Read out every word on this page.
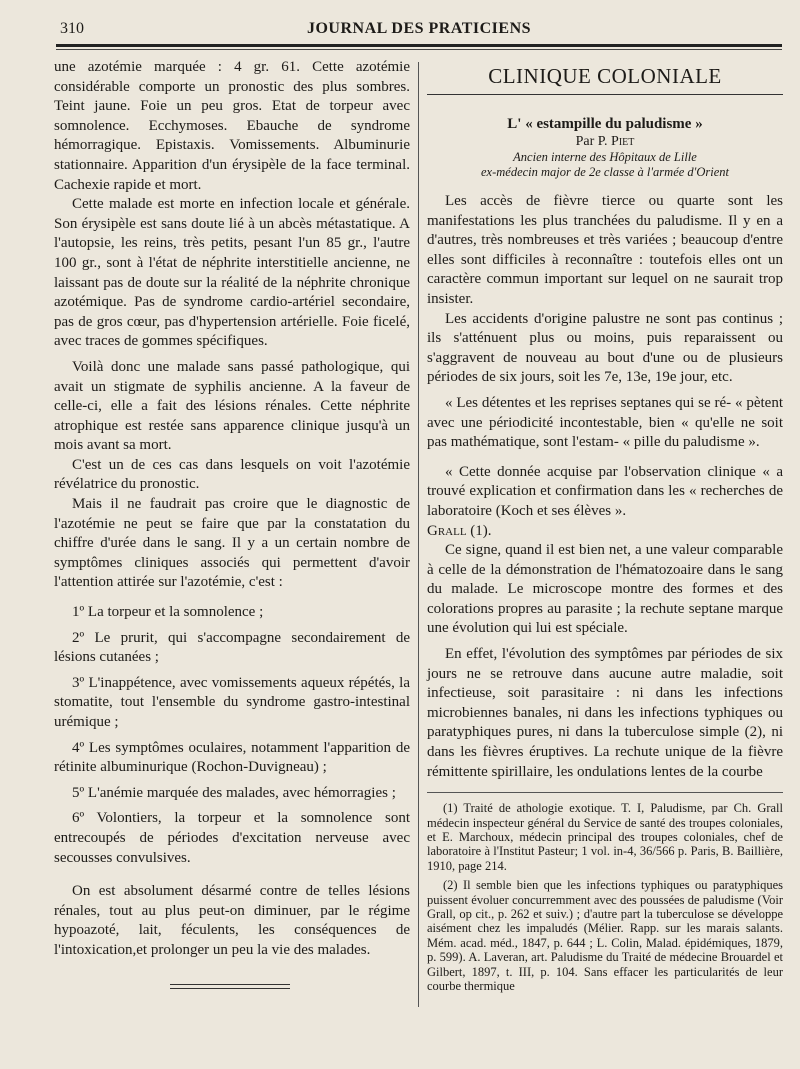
310	JOURNAL DES PRATICIENS

une azotémie marquée : 4 gr. 61. Cette azotémie considérable comporte un pronostic des plus sombres. Teint jaune. Foie un peu gros. Etat de torpeur avec somnolence. Ecchymoses. Ebauche de syndrome hémorragique. Epistaxis. Vomissements. Albuminurie stationnaire. Apparition d'un érysipèle de la face terminal. Cachexie rapide et mort.

Cette malade est morte en infection locale et générale. Son érysipèle est sans doute lié à un abcès métastatique. A l'autopsie, les reins, très petits, pesant l'un 85 gr., l'autre 100 gr., sont à l'état de néphrite interstitielle ancienne, ne laissant pas de doute sur la réalité de la néphrite chronique azotémique. Pas de syndrome cardio-artériel secondaire, pas de gros cœur, pas d'hypertension artérielle. Foie ficelé, avec traces de gommes spécifiques.

Voilà donc une malade sans passé pathologique, qui avait un stigmate de syphilis ancienne. A la faveur de celle-ci, elle a fait des lésions rénales. Cette néphrite atrophique est restée sans apparence clinique jusqu'à un mois avant sa mort.

C'est un de ces cas dans lesquels on voit l'azotémie révélatrice du pronostic.

Mais il ne faudrait pas croire que le diagnostic de l'azotémie ne peut se faire que par la constatation du chiffre d'urée dans le sang. Il y a un certain nombre de symptômes cliniques associés qui permettent d'avoir l'attention attirée sur l'azotémie, c'est :

1º La torpeur et la somnolence ;

2º Le prurit, qui s'accompagne secondairement de lésions cutanées ;

3º L'inappétence, avec vomissements aqueux répétés, la stomatite, tout l'ensemble du syndrome gastro-intestinal urémique ;

4º Les symptômes oculaires, notamment l'apparition de rétinite albuminurique (Rochon-Duvigneau) ;

5º L'anémie marquée des malades, avec hémorragies ;

6º Volontiers, la torpeur et la somnolence sont entrecoupés de périodes d'excitation nerveuse avec secousses convulsives.

On est absolument désarmé contre de telles lésions rénales, tout au plus peut-on diminuer, par le régime hypoazoté, lait, féculents, les conséquences de l'intoxication,et prolonger un peu la vie des malades.

CLINIQUE COLONIALE
L' « estampille du paludisme »
Par P. Piet
Ancien interne des Hôpitaux de Lille
ex-médecin major de 2e classe à l'armée d'Orient

Les accès de fièvre tierce ou quarte sont les manifestations les plus tranchées du paludisme. Il y en a d'autres, très nombreuses et très variées ; beaucoup d'entre elles sont difficiles à reconnaître : toutefois elles ont un caractère commun important sur lequel on ne saurait trop insister.

Les accidents d'origine palustre ne sont pas continus ; ils s'atténuent plus ou moins, puis reparaissent ou s'aggravent de nouveau au bout d'une ou de plusieurs périodes de six jours, soit les 7e, 13e, 19e jour, etc.

« Les détentes et les reprises septanes qui se ré- « pètent avec une périodicité incontestable, bien « qu'elle ne soit pas mathématique, sont l'estam- « pille du paludisme ».

« Cette donnée acquise par l'observation clinique « a trouvé explication et confirmation dans les « recherches de laboratoire (Koch et ses élèves ».

Grall (1).

Ce signe, quand il est bien net, a une valeur comparable à celle de la démonstration de l'hématozoaire dans le sang du malade. Le microscope montre des formes et des colorations propres au parasite ; la rechute septane marque une évolution qui lui est spéciale.

En effet, l'évolution des symptômes par périodes de six jours ne se retrouve dans aucune autre maladie, soit infectieuse, soit parasitaire : ni dans les infections microbiennes banales, ni dans les infections typhiques ou paratyphiques pures, ni dans la tuberculose simple (2), ni dans les fièvres éruptives. La rechute unique de la fièvre rémittente spirillaire, les ondulations lentes de la courbe

(1) Traité de athologie exotique. T. I, Paludisme, par Ch. Grall médecin inspecteur général du Service de santé des troupes coloniales, et E. Marchoux, médecin principal des troupes coloniales, chef de laboratoire à l'Institut Pasteur; 1 vol. in-4, 36/566 p. Paris, B. Baillière, 1910, page 214.

(2) Il semble bien que les infections typhiques ou paratyphiques puissent évoluer concurremment avec des poussées de paludisme (Voir Grall, op cit., p. 262 et suiv.) ; d'autre part la tuberculose se développe aisément chez les impaludés (Mélier. Rapp. sur les marais salants. Mém. acad. méd., 1847, p. 644 ; L. Colin, Malad. épidémiques, 1879, p. 599). A. Laveran, art. Paludisme du Traité de médecine Brouardel et Gilbert, 1897, t. III, p. 104. Sans effacer les particularités de leur courbe thermique
